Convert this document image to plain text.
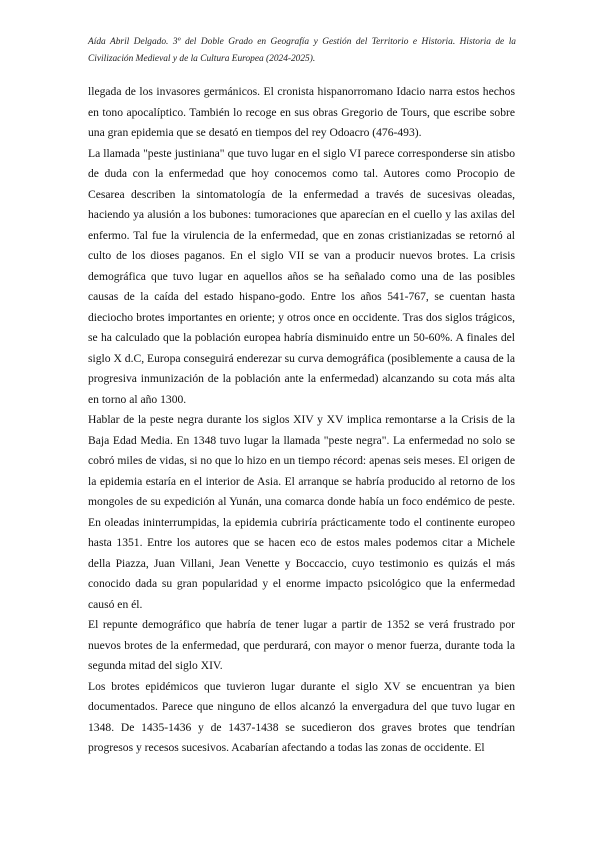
Aída Abril Delgado. 3º del Doble Grado en Geografía y Gestión del Territorio e Historia. Historia de la Civilización Medieval y de la Cultura Europea (2024-2025).

llegada de los invasores germánicos. El cronista hispanorromano Idacio narra estos hechos en tono apocalíptico. También lo recoge en sus obras Gregorio de Tours, que escribe sobre una gran epidemia que se desató en tiempos del rey Odoacro (476-493).

La llamada "peste justiniana" que tuvo lugar en el siglo VI parece corresponderse sin atisbo de duda con la enfermedad que hoy conocemos como tal. Autores como Procopio de Cesarea describen la sintomatología de la enfermedad a través de sucesivas oleadas, haciendo ya alusión a los bubones: tumoraciones que aparecían en el cuello y las axilas del enfermo. Tal fue la virulencia de la enfermedad, que en zonas cristianizadas se retornó al culto de los dioses paganos. En el siglo VII se van a producir nuevos brotes. La crisis demográfica que tuvo lugar en aquellos años se ha señalado como una de las posibles causas de la caída del estado hispano-godo. Entre los años 541-767, se cuentan hasta dieciocho brotes importantes en oriente; y otros once en occidente. Tras dos siglos trágicos, se ha calculado que la población europea habría disminuido entre un 50-60%. A finales del siglo X d.C, Europa conseguirá enderezar su curva demográfica (posiblemente a causa de la progresiva inmunización de la población ante la enfermedad) alcanzando su cota más alta en torno al año 1300.

Hablar de la peste negra durante los siglos XIV y XV implica remontarse a la Crisis de la Baja Edad Media. En 1348 tuvo lugar la llamada "peste negra". La enfermedad no solo se cobró miles de vidas, si no que lo hizo en un tiempo récord: apenas seis meses. El origen de la epidemia estaría en el interior de Asia. El arranque se habría producido al retorno de los mongoles de su expedición al Yunán, una comarca donde había un foco endémico de peste. En oleadas ininterrumpidas, la epidemia cubriría prácticamente todo el continente europeo hasta 1351. Entre los autores que se hacen eco de estos males podemos citar a Michele della Piazza, Juan Villani, Jean Venette y Boccaccio, cuyo testimonio es quizás el más conocido dada su gran popularidad y el enorme impacto psicológico que la enfermedad causó en él.

El repunte demográfico que habría de tener lugar a partir de 1352 se verá frustrado por nuevos brotes de la enfermedad, que perdurará, con mayor o menor fuerza, durante toda la segunda mitad del siglo XIV.

Los brotes epidémicos que tuvieron lugar durante el siglo XV se encuentran ya bien documentados. Parece que ninguno de ellos alcanzó la envergadura del que tuvo lugar en 1348. De 1435-1436 y de 1437-1438 se sucedieron dos graves brotes que tendrían progresos y recesos sucesivos. Acabarían afectando a todas las zonas de occidente. El
